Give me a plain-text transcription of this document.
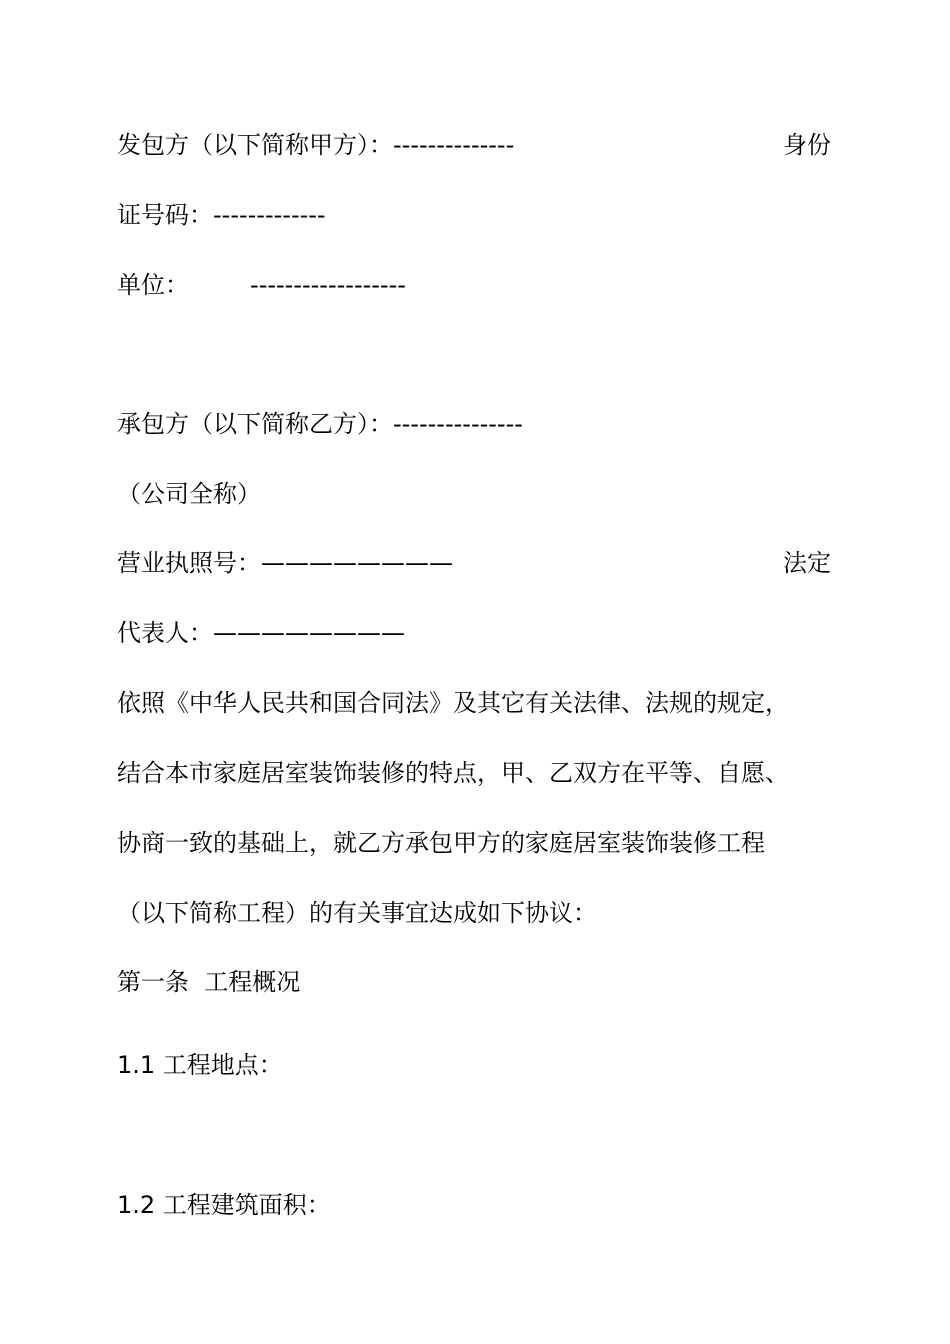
发包方（以下简称甲方）：--------------	身份
证号码：-------------
单位：        ------------------
承包方（以下简称乙方）：---------------
（公司全称）
营业执照号：————————	法定
代表人：————————
依照《中华人民共和国合同法》及其它有关法律、法规的规定，
结合本市家庭居室装饰装修的特点，甲、乙双方在平等、自愿、
协商一致的基础上，就乙方承包甲方的家庭居室装饰装修工程
（以下简称工程）的有关事宜达成如下协议：
第一条  工程概况
1.1 工程地点：
1.2 工程建筑面积：
